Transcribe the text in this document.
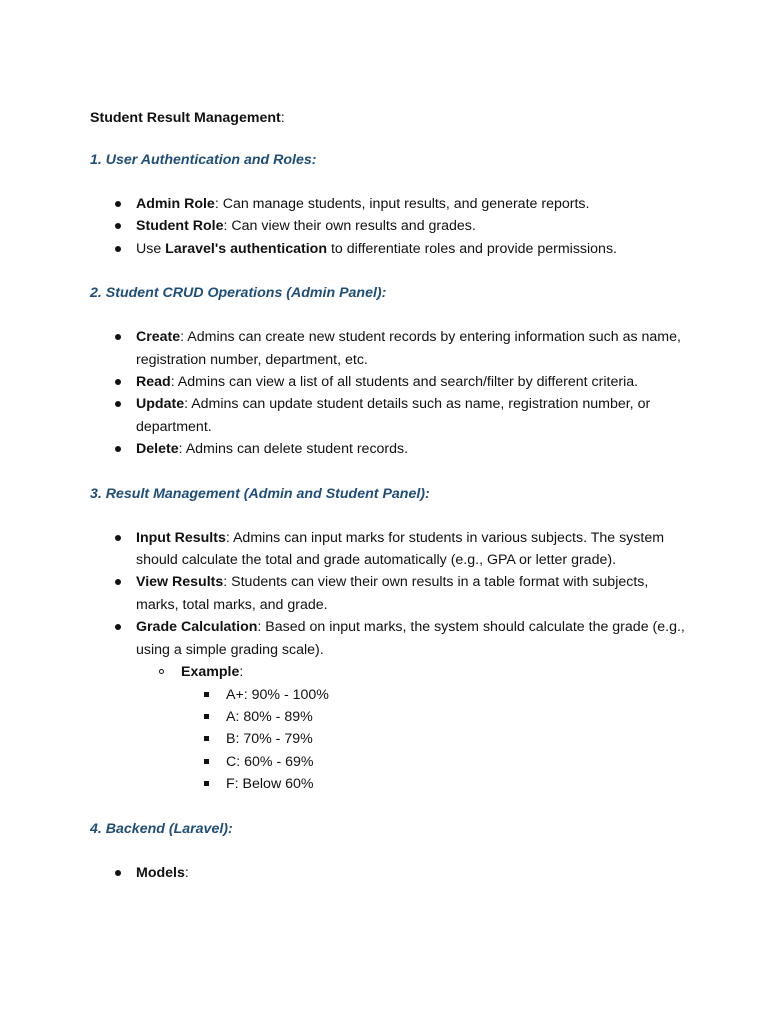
Student Result Management:
1. User Authentication and Roles:
Admin Role: Can manage students, input results, and generate reports.
Student Role: Can view their own results and grades.
Use Laravel's authentication to differentiate roles and provide permissions.
2. Student CRUD Operations (Admin Panel):
Create: Admins can create new student records by entering information such as name, registration number, department, etc.
Read: Admins can view a list of all students and search/filter by different criteria.
Update: Admins can update student details such as name, registration number, or department.
Delete: Admins can delete student records.
3. Result Management (Admin and Student Panel):
Input Results: Admins can input marks for students in various subjects. The system should calculate the total and grade automatically (e.g., GPA or letter grade).
View Results: Students can view their own results in a table format with subjects, marks, total marks, and grade.
Grade Calculation: Based on input marks, the system should calculate the grade (e.g., using a simple grading scale).
Example:
A+: 90% - 100%
A: 80% - 89%
B: 70% - 79%
C: 60% - 69%
F: Below 60%
4. Backend (Laravel):
Models:
